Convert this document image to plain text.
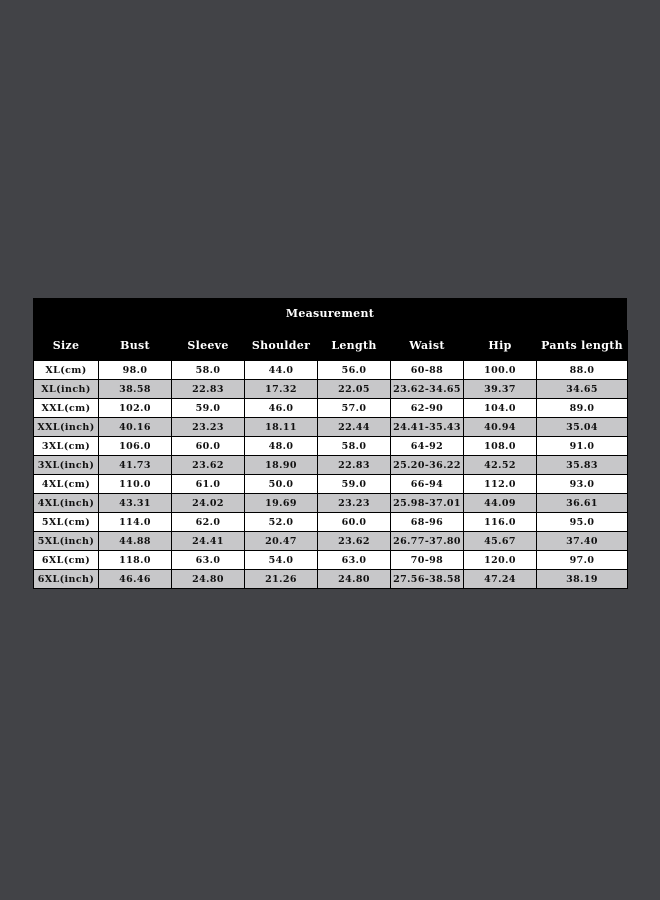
Measurement
Size	Bust	Sleeve	Shoulder	Length	Waist	Hip	Pants length
XL(cm)	98.0	58.0	44.0	56.0	60-88	100.0	88.0
XL(inch)	38.58	22.83	17.32	22.05	23.62-34.65	39.37	34.65
XXL(cm)	102.0	59.0	46.0	57.0	62-90	104.0	89.0
XXL(inch)	40.16	23.23	18.11	22.44	24.41-35.43	40.94	35.04
3XL(cm)	106.0	60.0	48.0	58.0	64-92	108.0	91.0
3XL(inch)	41.73	23.62	18.90	22.83	25.20-36.22	42.52	35.83
4XL(cm)	110.0	61.0	50.0	59.0	66-94	112.0	93.0
4XL(inch)	43.31	24.02	19.69	23.23	25.98-37.01	44.09	36.61
5XL(cm)	114.0	62.0	52.0	60.0	68-96	116.0	95.0
5XL(inch)	44.88	24.41	20.47	23.62	26.77-37.80	45.67	37.40
6XL(cm)	118.0	63.0	54.0	63.0	70-98	120.0	97.0
6XL(inch)	46.46	24.80	21.26	24.80	27.56-38.58	47.24	38.19
